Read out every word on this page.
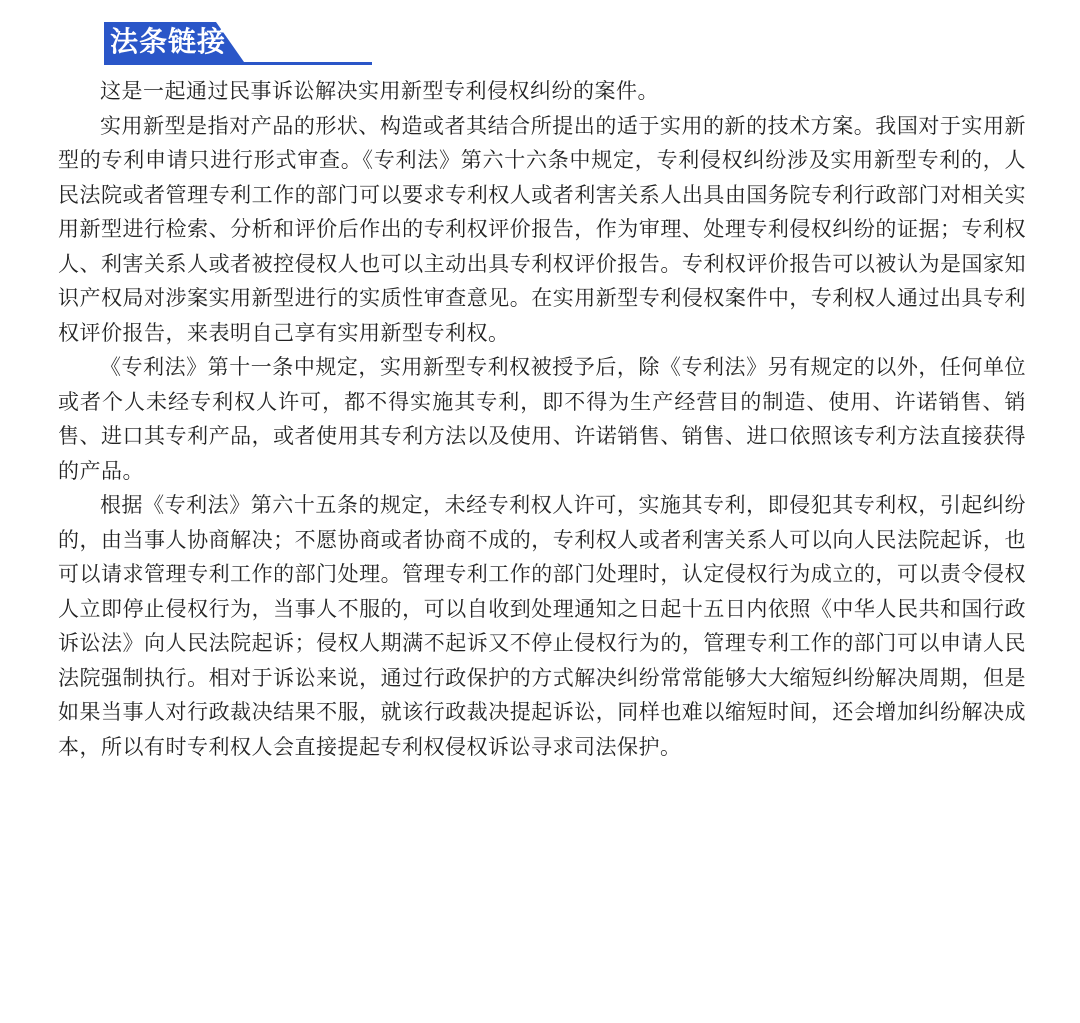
法条链接

这是一起通过民事诉讼解决实用新型专利侵权纠纷的案件。

实用新型是指对产品的形状、构造或者其结合所提出的适于实用的新的技术方案。我国对于实用新型的专利申请只进行形式审查。《专利法》第六十六条中规定，专利侵权纠纷涉及实用新型专利的，人民法院或者管理专利工作的部门可以要求专利权人或者利害关系人出具由国务院专利行政部门对相关实用新型进行检索、分析和评价后作出的专利权评价报告，作为审理、处理专利侵权纠纷的证据；专利权人、利害关系人或者被控侵权人也可以主动出具专利权评价报告。专利权评价报告可以被认为是国家知识产权局对涉案实用新型进行的实质性审查意见。在实用新型专利侵权案件中，专利权人通过出具专利权评价报告，来表明自己享有实用新型专利权。

《专利法》第十一条中规定，实用新型专利权被授予后，除《专利法》另有规定的以外，任何单位或者个人未经专利权人许可，都不得实施其专利，即不得为生产经营目的制造、使用、许诺销售、销售、进口其专利产品，或者使用其专利方法以及使用、许诺销售、销售、进口依照该专利方法直接获得的产品。

根据《专利法》第六十五条的规定，未经专利权人许可，实施其专利，即侵犯其专利权，引起纠纷的，由当事人协商解决；不愿协商或者协商不成的，专利权人或者利害关系人可以向人民法院起诉，也可以请求管理专利工作的部门处理。管理专利工作的部门处理时，认定侵权行为成立的，可以责令侵权人立即停止侵权行为，当事人不服的，可以自收到处理通知之日起十五日内依照《中华人民共和国行政诉讼法》向人民法院起诉；侵权人期满不起诉又不停止侵权行为的，管理专利工作的部门可以申请人民法院强制执行。相对于诉讼来说，通过行政保护的方式解决纠纷常常能够大大缩短纠纷解决周期，但是如果当事人对行政裁决结果不服，就该行政裁决提起诉讼，同样也难以缩短时间，还会增加纠纷解决成本，所以有时专利权人会直接提起专利权侵权诉讼寻求司法保护。
